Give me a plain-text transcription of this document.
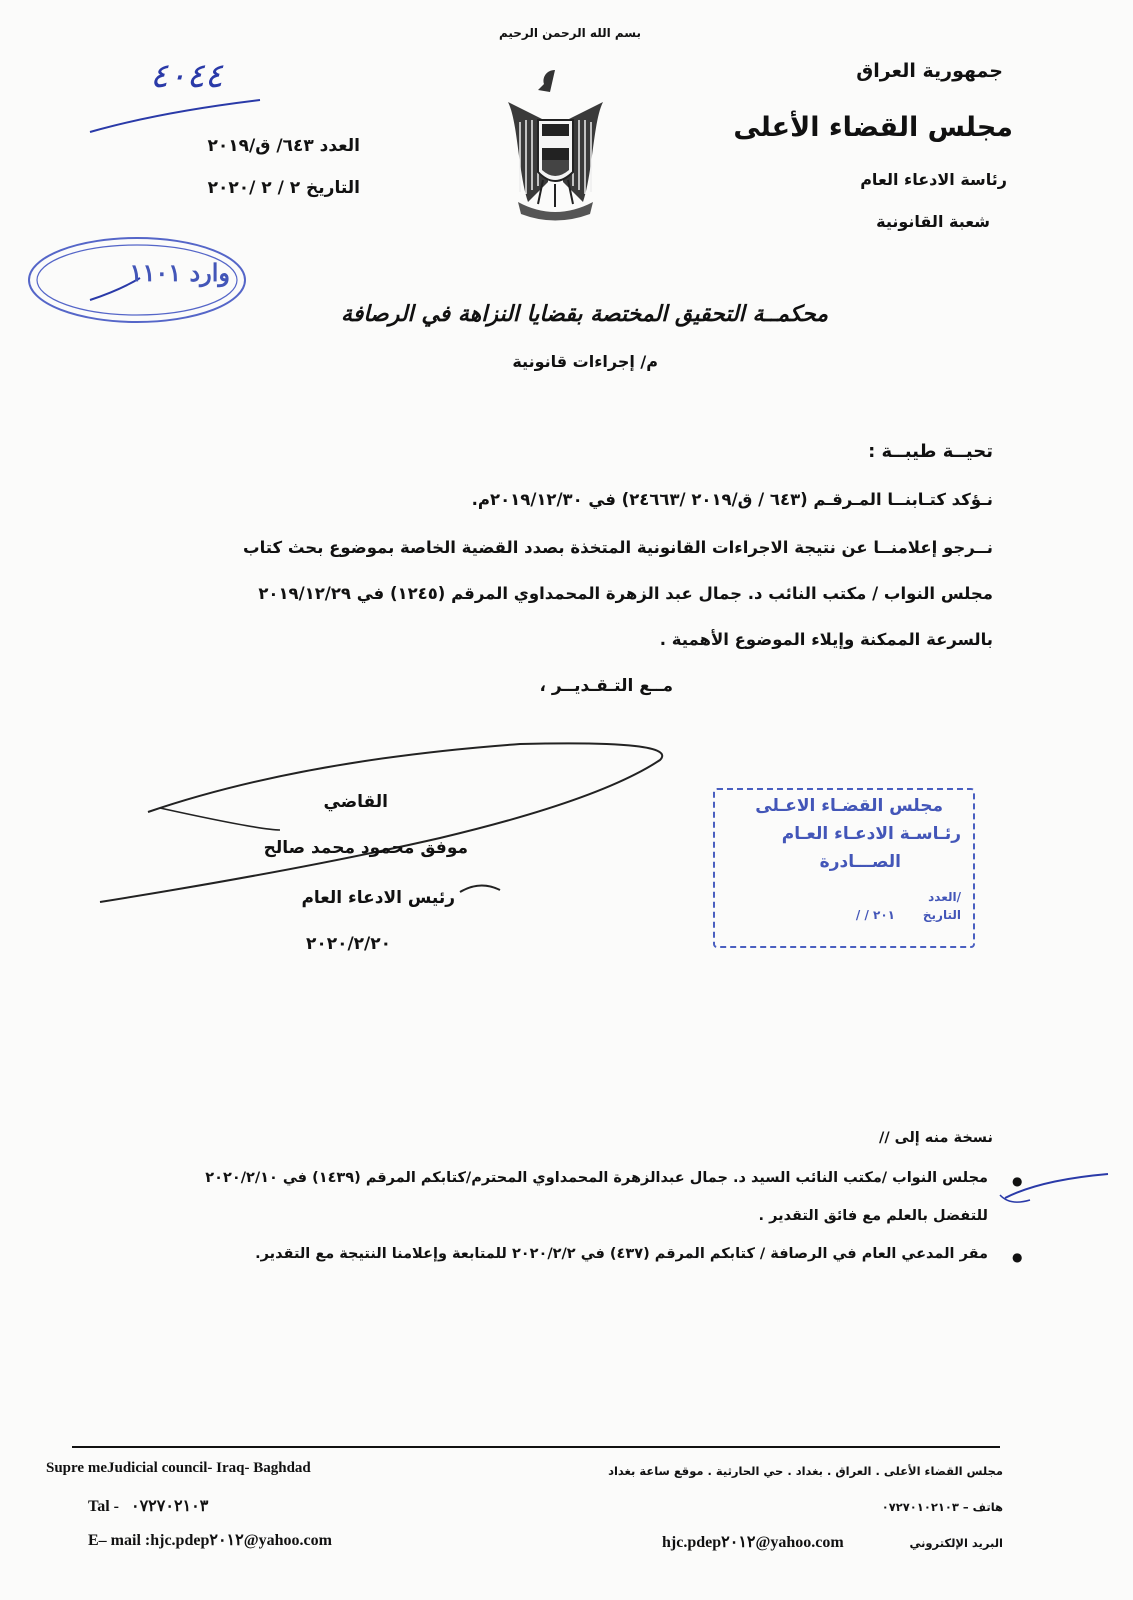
بسم الله الرحمن الرحيم
جمهورية العراق
مجلس القضاء الأعلى
رئاسة الادعاء العام
شعبة القانونية
٤٠٤٤
العدد ٦٤٣/ ق/٢٠١٩
التاريخ ۲ / ٢ /٢٠٢٠
وارد ١١٠١
محكمــة التحقيق المختصة بقضايا النزاهة في الرصافة
م/ إجراءات قانونية
تحيــة طيبــة :
نـؤكد كتـابنــا المـرقـم (٦٤٣ / ق/٢٠١٩ /٢٤٦٦٣) في ٢٠١٩/١٢/٣٠م.
نــرجو إعلامنــا عن نتيجة الاجراءات القانونية المتخذة بصدد القضية الخاصة بموضوع بحث كتاب
مجلس النواب / مكتب النائب د. جمال عبد الزهرة المحمداوي المرقم (١٢٤٥) في ٢٠١٩/١٢/٢٩
بالسرعة الممكنة وإيلاء الموضوع الأهمية .
مــع التـقـديــر ،
القاضي
موفق محمود محمد صالح
رئيس الادعاء العام
٢٠٢٠/٢/٢٠
مجلس القضـاء الاعـلى
رئـاسـة الادعـاء العـام
الصـــادرة
العدد/
التاريخ
٢٠١ / /
نسخة منه إلى //
●
مجلس النواب /مكتب النائب السيد د. جمال عبدالزهرة المحمداوي المحترم/كتابكم المرقم (١٤٣٩) في ٢٠٢٠/٢/١٠
للتفضل بالعلم مع فائق التقدير .
●
مقر المدعي العام في الرصافة / كتابكم المرقم (٤٣٧) في ٢٠٢٠/٢/٢ للمتابعة وإعلامنا النتيجة مع التقدير.
Supre meJudicial council- Iraq- Baghdad
Tal -   ٠٧٢٧٠٢١٠٣
E– mail :hjc.pdep٢٠١٢@yahoo.com
مجلس القضاء الأعلى . العراق . بغداد . حي الحارثية . موقع ساعة بغداد
هاتف – ٠٧٢٧٠١٠٢١٠٣
البريد الإلكتروني
hjc.pdep٢٠١٢@yahoo.com
